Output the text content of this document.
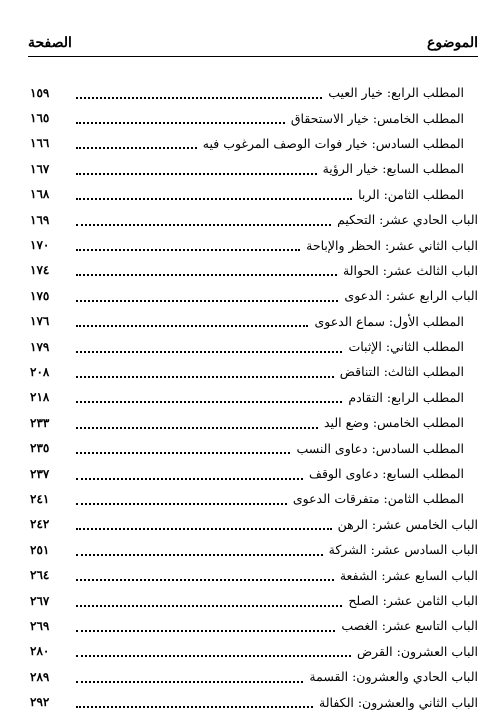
الصفحة	الموضوع
١٥٩	المطلب الرابع: خيار العيب
١٦٥	المطلب الخامس: خيار الاستحقاق
١٦٦	المطلب السادس: خيار فوات الوصف المرغوب فيه
١٦٧	المطلب السابع: خيار الرؤية
١٦٨	المطلب الثامن: الربا
١٦٩	الباب الحادي عشر: التحكيم
١٧٠	الباب الثاني عشر: الحظر والإباحة
١٧٤	الباب الثالث عشر: الحوالة
١٧٥	الباب الرابع عشر: الدعوى
١٧٦	المطلب الأول: سماع الدعوى
١٧٩	المطلب الثاني: الإثبات
٢٠٨	المطلب الثالث: التناقض
٢١٨	المطلب الرابع: التقادم
٢٣٣	المطلب الخامس: وضع اليد
٢٣٥	المطلب السادس: دعاوى النسب
٢٣٧	المطلب السابع: دعاوى الوقف
٢٤١	المطلب الثامن: متفرقات الدعوى
٢٤٢	الباب الخامس عشر: الرهن
٢٥١	الباب السادس عشر: الشركة
٢٦٤	الباب السابع عشر: الشفعة
٢٦٧	الباب الثامن عشر: الصلح
٢٦٩	الباب التاسع عشر: الغصب
٢٨٠	الباب العشرون: القرض
٢٨٩	الباب الحادي والعشرون: القسمة
٢٩٢	الباب الثاني والعشرون: الكفالة
